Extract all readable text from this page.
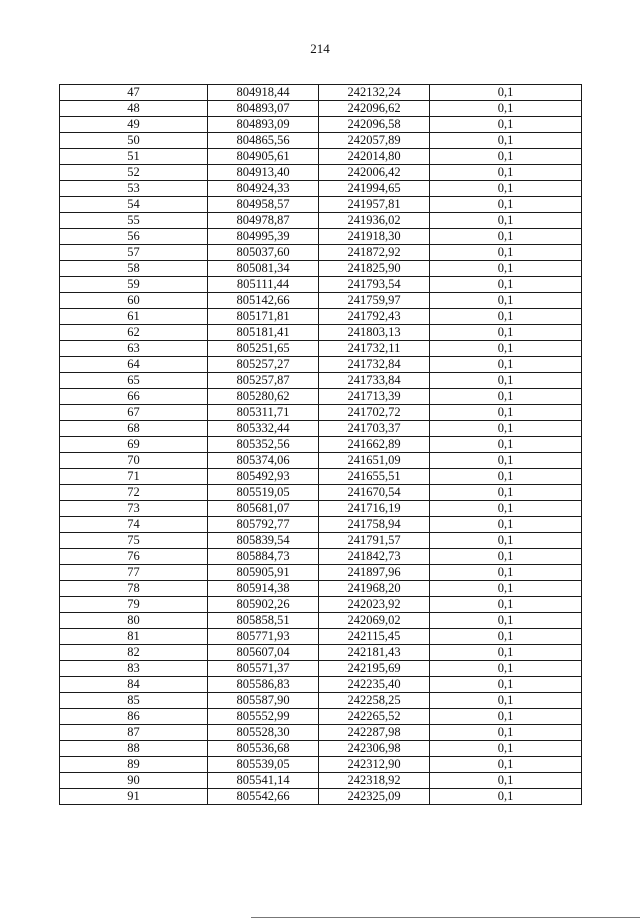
214
47	804918,44	242132,24	0,1
48	804893,07	242096,62	0,1
49	804893,09	242096,58	0,1
50	804865,56	242057,89	0,1
51	804905,61	242014,80	0,1
52	804913,40	242006,42	0,1
53	804924,33	241994,65	0,1
54	804958,57	241957,81	0,1
55	804978,87	241936,02	0,1
56	804995,39	241918,30	0,1
57	805037,60	241872,92	0,1
58	805081,34	241825,90	0,1
59	805111,44	241793,54	0,1
60	805142,66	241759,97	0,1
61	805171,81	241792,43	0,1
62	805181,41	241803,13	0,1
63	805251,65	241732,11	0,1
64	805257,27	241732,84	0,1
65	805257,87	241733,84	0,1
66	805280,62	241713,39	0,1
67	805311,71	241702,72	0,1
68	805332,44	241703,37	0,1
69	805352,56	241662,89	0,1
70	805374,06	241651,09	0,1
71	805492,93	241655,51	0,1
72	805519,05	241670,54	0,1
73	805681,07	241716,19	0,1
74	805792,77	241758,94	0,1
75	805839,54	241791,57	0,1
76	805884,73	241842,73	0,1
77	805905,91	241897,96	0,1
78	805914,38	241968,20	0,1
79	805902,26	242023,92	0,1
80	805858,51	242069,02	0,1
81	805771,93	242115,45	0,1
82	805607,04	242181,43	0,1
83	805571,37	242195,69	0,1
84	805586,83	242235,40	0,1
85	805587,90	242258,25	0,1
86	805552,99	242265,52	0,1
87	805528,30	242287,98	0,1
88	805536,68	242306,98	0,1
89	805539,05	242312,90	0,1
90	805541,14	242318,92	0,1
91	805542,66	242325,09	0,1
